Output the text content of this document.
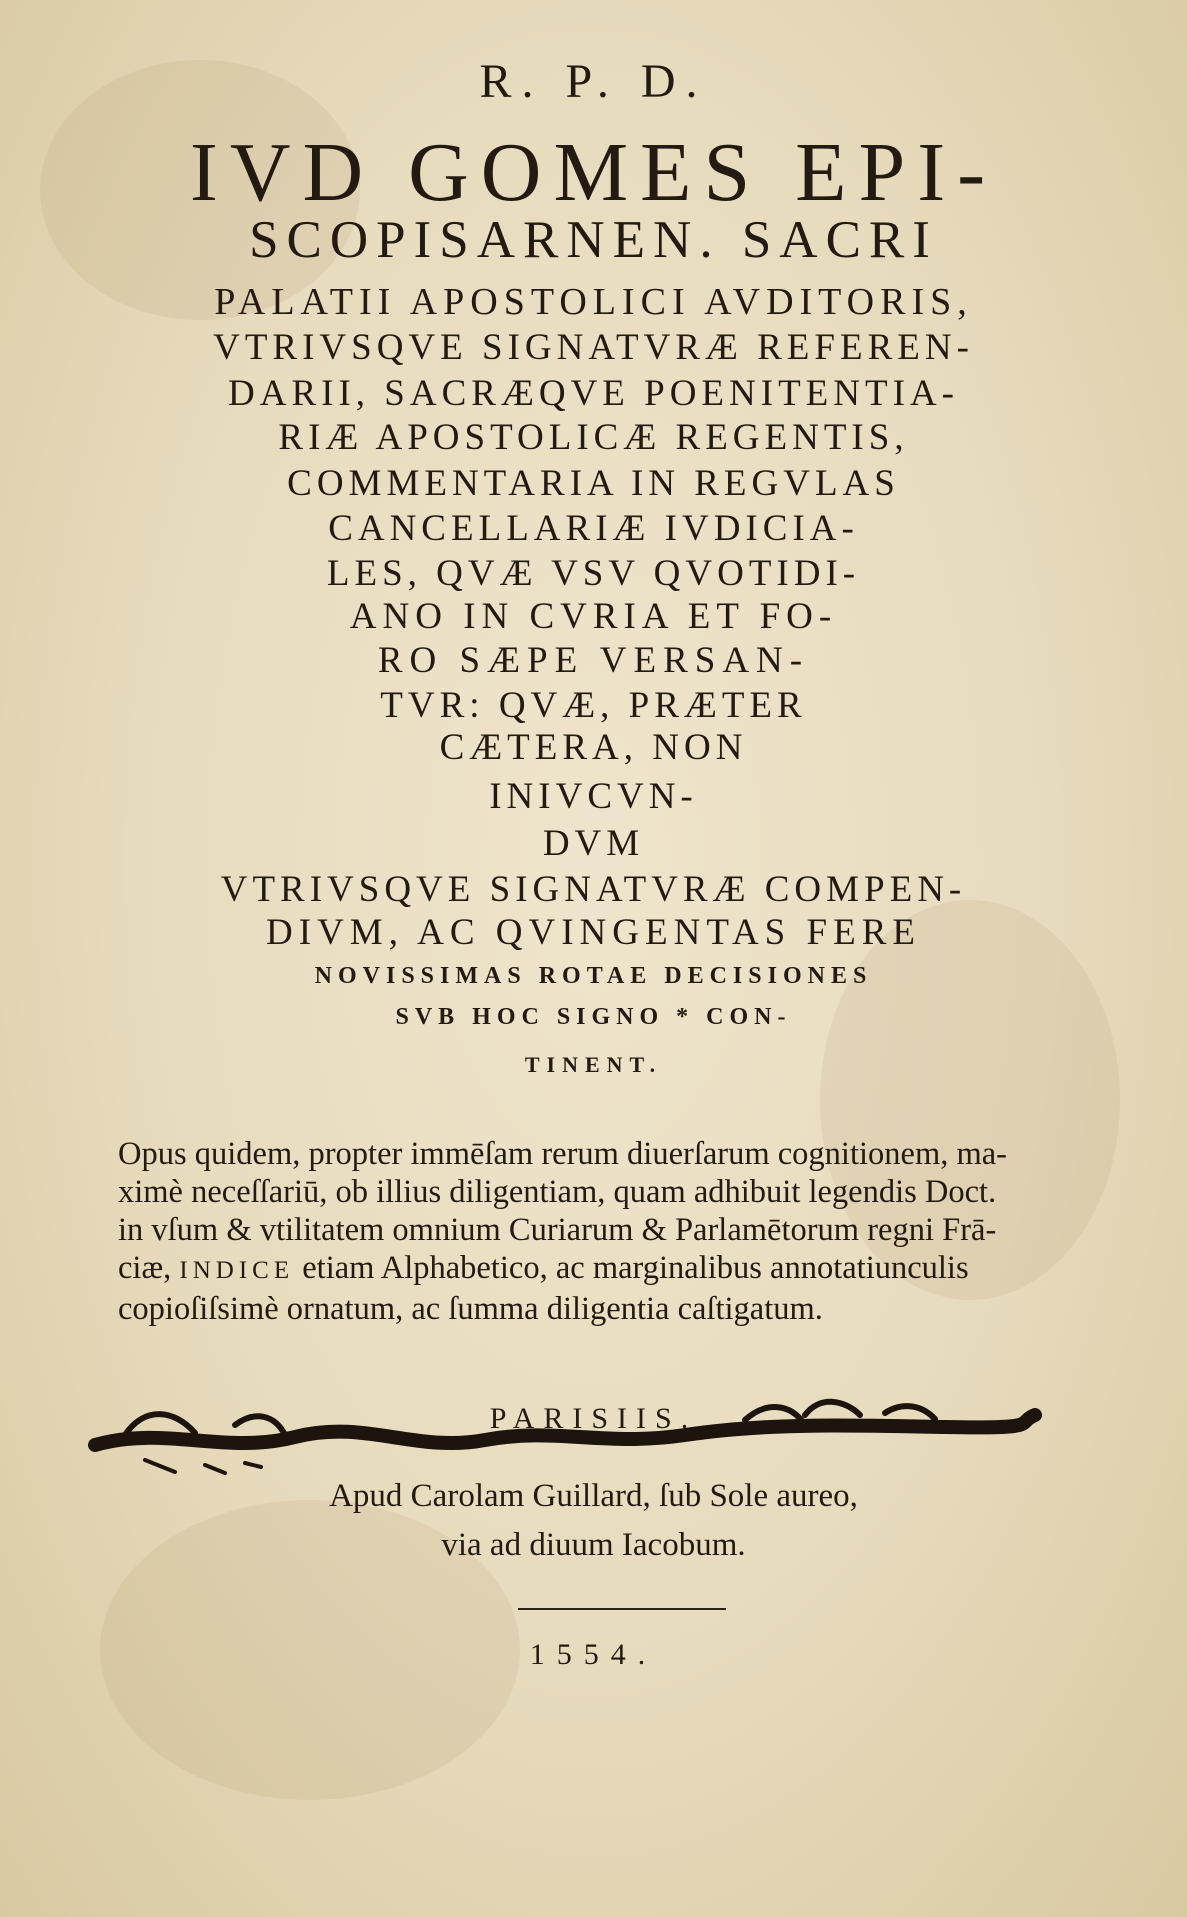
R. P. D.
IVD GOMES EPI-
SCOPISARNEN. SACRI
PALATII APOSTOLICI AVDITORIS,
VTRIVSQVE SIGNATVRÆ REFEREN-
DARII, SACRÆQVE POENITENTIA-
RIÆ APOSTOLICÆ REGENTIS,
COMMENTARIA IN REGVLAS
CANCELLARIÆ IVDICIA-
LES, QVÆ VSV QVOTIDI-
ANO IN CVRIA ET FO-
RO SÆPE VERSAN-
TVR: QVÆ, PRÆTER
CÆTERA, NON
INIVCVN-
DVM
VTRIVSQVE SIGNATVRÆ COMPEN-
DIVM, AC QVINGENTAS FERE
NOVISSIMAS ROTAE DECISIONES
SVB HOC SIGNO * CON-
TINENT.
Opus quidem, propter immēſam rerum diuerſarum cognitionem, ma-
ximè neceſſariū, ob illius diligentiam, quam adhibuit legendis Doct.
in vſum & vtilitatem omnium Curiarum & Parlamētorum regni Frā-
ciæ, INDICE etiam Alphabetico, ac marginalibus annotatiunculis
copioſiſsimè ornatum, ac ſumma diligentia caſtigatum.
PARISIIS.
Apud Carolam Guillard, ſub Sole aureo,
via ad diuum Iacobum.
1554.
